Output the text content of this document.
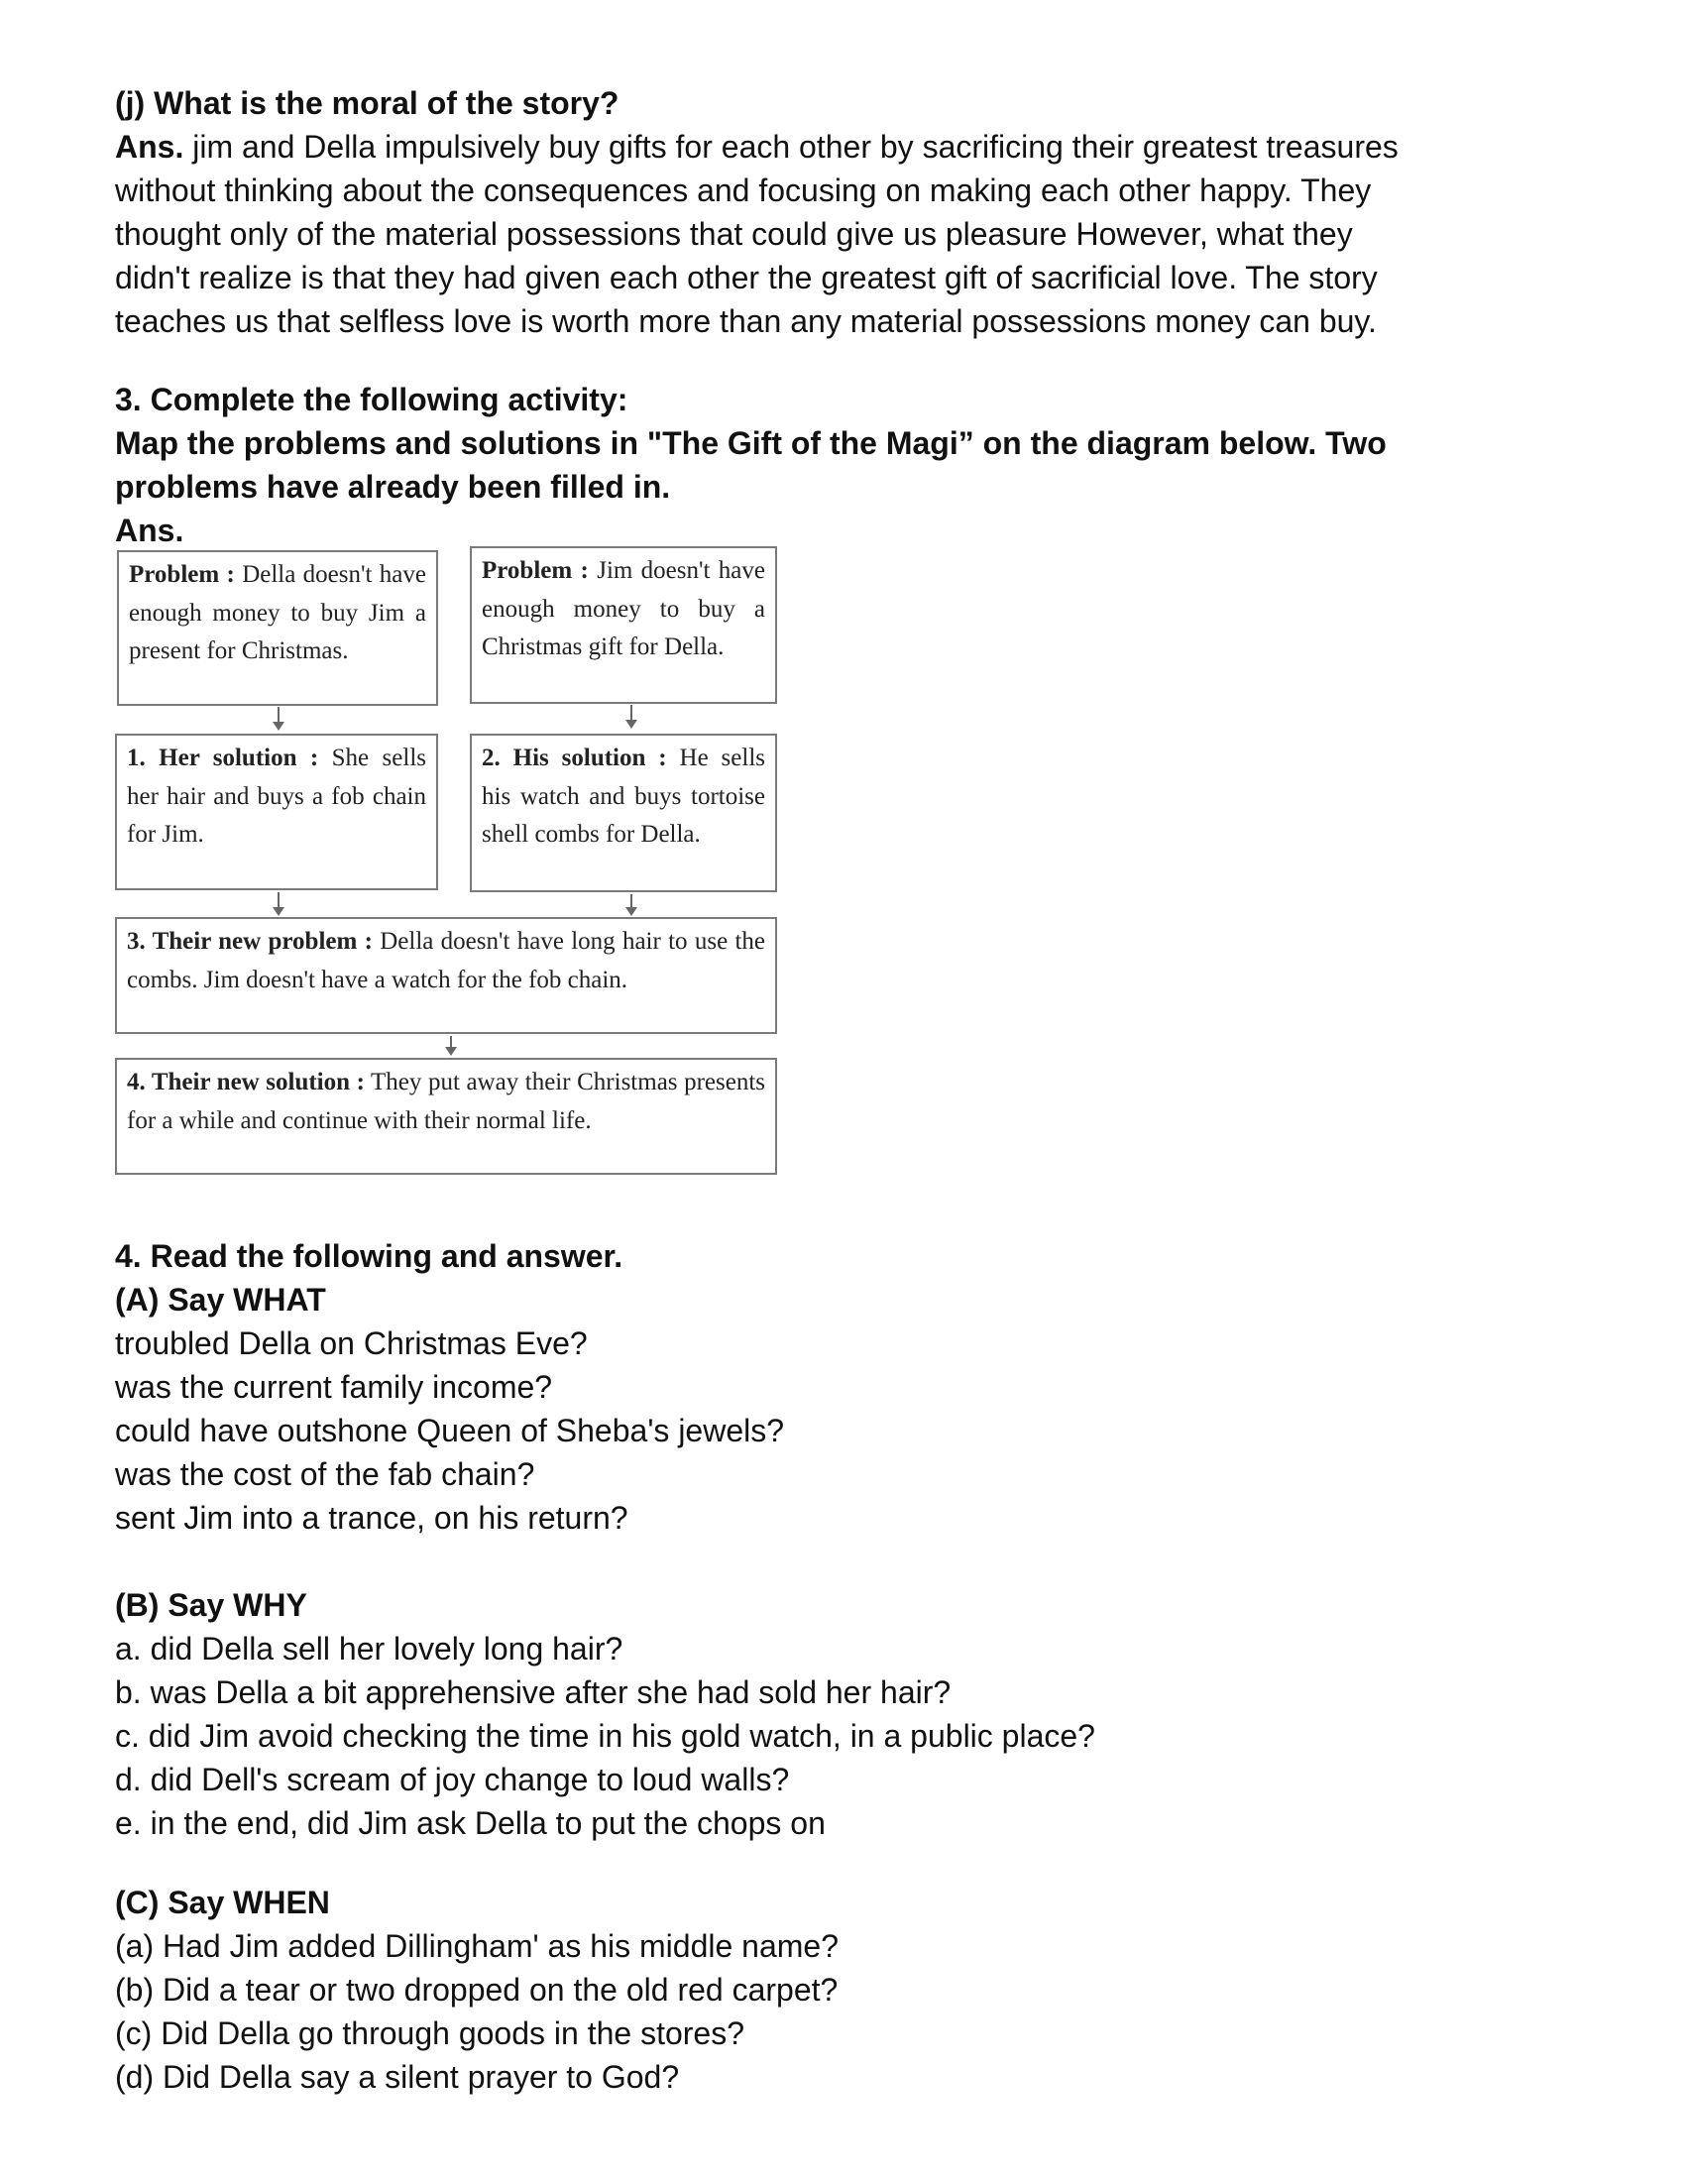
(j) What is the moral of the story?

Ans. jim and Della impulsively buy gifts for each other by sacrificing their greatest treasures

without thinking about the consequences and focusing on making each other happy. They

thought only of the material possessions that could give us pleasure However, what they

didn't realize is that they had given each other the greatest gift of sacrificial love. The story

teaches us that selfless love is worth more than any material possessions money can buy.

3. Complete the following activity:

Map the problems and solutions in "The Gift of the Magi” on the diagram below. Two

problems have already been filled in.

Ans.

Problem : Della doesn't have enough money to buy Jim a present for Christmas.
Problem : Jim doesn't have enough money to buy a Christmas gift for Della.
1. Her solution : She sells her hair and buys a fob chain for Jim.
2. His solution : He sells his watch and buys tortoise shell combs for Della.
3. Their new problem : Della doesn't have long hair to use the combs. Jim doesn't have a watch for the fob chain.
4. Their new solution : They put away their Christmas presents for a while and continue with their normal life.

4. Read the following and answer.

(A) Say WHAT

troubled Della on Christmas Eve?

was the current family income?

could have outshone Queen of Sheba's jewels?

was the cost of the fab chain?

sent Jim into a trance, on his return?

(B) Say WHY

a. did Della sell her lovely long hair?

b. was Della a bit apprehensive after she had sold her hair?

c. did Jim avoid checking the time in his gold watch, in a public place?

d. did Dell's scream of joy change to loud walls?

e. in the end, did Jim ask Della to put the chops on

(C) Say WHEN

(a) Had Jim added Dillingham' as his middle name?

(b) Did a tear or two dropped on the old red carpet?

(c) Did Della go through goods in the stores?

(d) Did Della say a silent prayer to God?
